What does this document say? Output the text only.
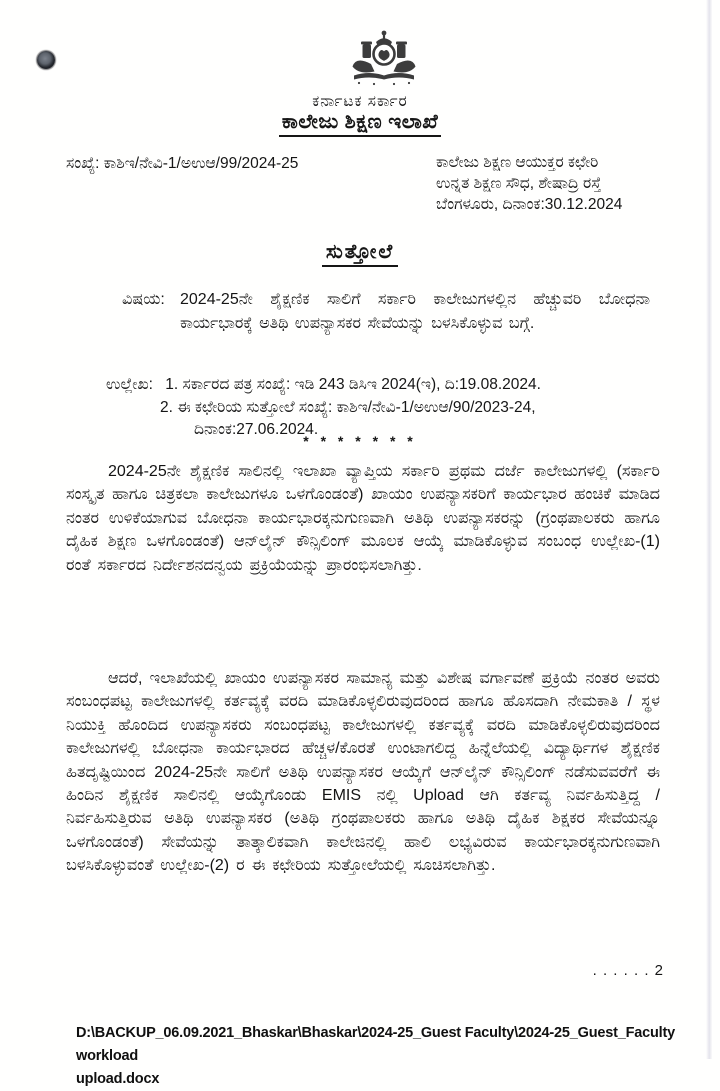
ಕರ್ನಾಟಕ ಸರ್ಕಾರ
ಕಾಲೇಜು ಶಿಕ್ಷಣ ಇಲಾಖೆ
ಸಂಖ್ಯೆ: ಕಾಶಿಇ/ನೇವಿ-1/ಅಉಆ/99/2024-25	ಕಾಲೇಜು ಶಿಕ್ಷಣ ಆಯುಕ್ತರ ಕಛೇರಿ
ಉನ್ನತ ಶಿಕ್ಷಣ ಸೌಧ, ಶೇಷಾದ್ರಿ ರಸ್ತೆ
ಬೆಂಗಳೂರು, ದಿನಾಂಕ:30.12.2024
ಸುತ್ತೋಲೆ
ವಿಷಯ: 2024-25ನೇ ಶೈಕ್ಷಣಿಕ ಸಾಲಿಗೆ ಸರ್ಕಾರಿ ಕಾಲೇಜುಗಳಲ್ಲಿನ ಹೆಚ್ಚುವರಿ ಬೋಧನಾ ಕಾರ್ಯಭಾರಕ್ಕೆ ಅತಿಥಿ ಉಪನ್ಯಾಸಕರ ಸೇವೆಯನ್ನು ಬಳಸಿಕೊಳ್ಳುವ ಬಗ್ಗೆ.
ಉಲ್ಲೇಖ: 1. ಸರ್ಕಾರದ ಪತ್ರ ಸಂಖ್ಯೆ: ಇಡಿ 243 ಡಿಸಿಇ 2024(ಇ), ದಿ:19.08.2024.
2. ಈ ಕಛೇರಿಯ ಸುತ್ತೋಲೆ ಸಂಖ್ಯೆ: ಕಾಶಿಇ/ನೇವಿ-1/ಅಉಆ/90/2023-24,
ದಿನಾಂಕ:27.06.2024.
* * * * * * *
2024-25ನೇ ಶೈಕ್ಷಣಿಕ ಸಾಲಿನಲ್ಲಿ ಇಲಾಖಾ ವ್ಯಾಪ್ತಿಯ ಸರ್ಕಾರಿ ಪ್ರಥಮ ದರ್ಜೆ ಕಾಲೇಜುಗಳಲ್ಲಿ (ಸರ್ಕಾರಿ ಸಂಸ್ಕೃತ ಹಾಗೂ ಚಿತ್ರಕಲಾ ಕಾಲೇಜುಗಳೂ ಒಳಗೊಂಡಂತೆ) ಖಾಯಂ ಉಪನ್ಯಾಸಕರಿಗೆ ಕಾರ್ಯಭಾರ ಹಂಚಿಕೆ ಮಾಡಿದ ನಂತರ ಉಳಿಕೆಯಾಗುವ ಬೋಧನಾ ಕಾರ್ಯಭಾರಕ್ಕನುಗುಣವಾಗಿ ಅತಿಥಿ ಉಪನ್ಯಾಸಕರನ್ನು (ಗ್ರಂಥಪಾಲಕರು ಹಾಗೂ ದೈಹಿಕ ಶಿಕ್ಷಣ ಒಳಗೊಂಡಂತೆ) ಆನ್‌ಲೈನ್ ಕೌನ್ಸಿಲಿಂಗ್ ಮೂಲಕ ಆಯ್ಕೆ ಮಾಡಿಕೊಳ್ಳುವ ಸಂಬಂಧ ಉಲ್ಲೇಖ-(1) ರಂತೆ ಸರ್ಕಾರದ ನಿರ್ದೇಶನದನ್ವಯ ಪ್ರಕ್ರಿಯೆಯನ್ನು ಪ್ರಾರಂಭಿಸಲಾಗಿತ್ತು.
ಆದರೆ, ಇಲಾಖೆಯಲ್ಲಿ ಖಾಯಂ ಉಪನ್ಯಾಸಕರ ಸಾಮಾನ್ಯ ಮತ್ತು ವಿಶೇಷ ವರ್ಗಾವಣೆ ಪ್ರಕ್ರಿಯೆ ನಂತರ ಅವರು ಸಂಬಂಧಪಟ್ಟ ಕಾಲೇಜುಗಳಲ್ಲಿ ಕರ್ತವ್ಯಕ್ಕೆ ವರದಿ ಮಾಡಿಕೊಳ್ಳಲಿರುವುದರಿಂದ ಹಾಗೂ ಹೊಸದಾಗಿ ನೇಮಕಾತಿ / ಸ್ಥಳ ನಿಯುಕ್ತಿ ಹೊಂದಿದ ಉಪನ್ಯಾಸಕರು ಸಂಬಂಧಪಟ್ಟ ಕಾಲೇಜುಗಳಲ್ಲಿ ಕರ್ತವ್ಯಕ್ಕೆ ವರದಿ ಮಾಡಿಕೊಳ್ಳಲಿರುವುದರಿಂದ ಕಾಲೇಜುಗಳಲ್ಲಿ ಬೋಧನಾ ಕಾರ್ಯಭಾರದ ಹೆಚ್ಚಳ/ಕೊರತೆ ಉಂಟಾಗಲಿದ್ದ ಹಿನ್ನೆಲೆಯಲ್ಲಿ ವಿದ್ಯಾರ್ಥಿಗಳ ಶೈಕ್ಷಣಿಕ ಹಿತದೃಷ್ಟಿಯಿಂದ 2024-25ನೇ ಸಾಲಿಗೆ ಅತಿಥಿ ಉಪನ್ಯಾಸಕರ ಆಯ್ಕೆಗೆ ಆನ್‌ಲೈನ್ ಕೌನ್ಸಿಲಿಂಗ್ ನಡೆಸುವವರೆಗೆ ಈ ಹಿಂದಿನ ಶೈಕ್ಷಣಿಕ ಸಾಲಿನಲ್ಲಿ ಆಯ್ಕೆಗೊಂಡು EMIS ನಲ್ಲಿ Upload ಆಗಿ ಕರ್ತವ್ಯ ನಿರ್ವಹಿಸುತ್ತಿದ್ದ / ನಿರ್ವಹಿಸುತ್ತಿರುವ ಅತಿಥಿ ಉಪನ್ಯಾಸಕರ (ಅತಿಥಿ ಗ್ರಂಥಪಾಲಕರು ಹಾಗೂ ಅತಿಥಿ ದೈಹಿಕ ಶಿಕ್ಷಕರ ಸೇವೆಯನ್ನೂ ಒಳಗೊಂಡಂತೆ) ಸೇವೆಯನ್ನು ತಾತ್ಕಾಲಿಕವಾಗಿ ಕಾಲೇಜಿನಲ್ಲಿ ಹಾಲಿ ಲಭ್ಯವಿರುವ ಕಾರ್ಯಭಾರಕ್ಕನುಗುಣವಾಗಿ ಬಳಸಿಕೊಳ್ಳುವಂತೆ ಉಲ್ಲೇಖ-(2) ರ ಈ ಕಛೇರಿಯ ಸುತ್ತೋಲೆಯಲ್ಲಿ ಸೂಚಿಸಲಾಗಿತ್ತು.
. . . . . . 2
D:\BACKUP_06.09.2021_Bhaskar\Bhaskar\2024-25_Guest Faculty\2024-25_Guest_Faculty workload
upload.docx
